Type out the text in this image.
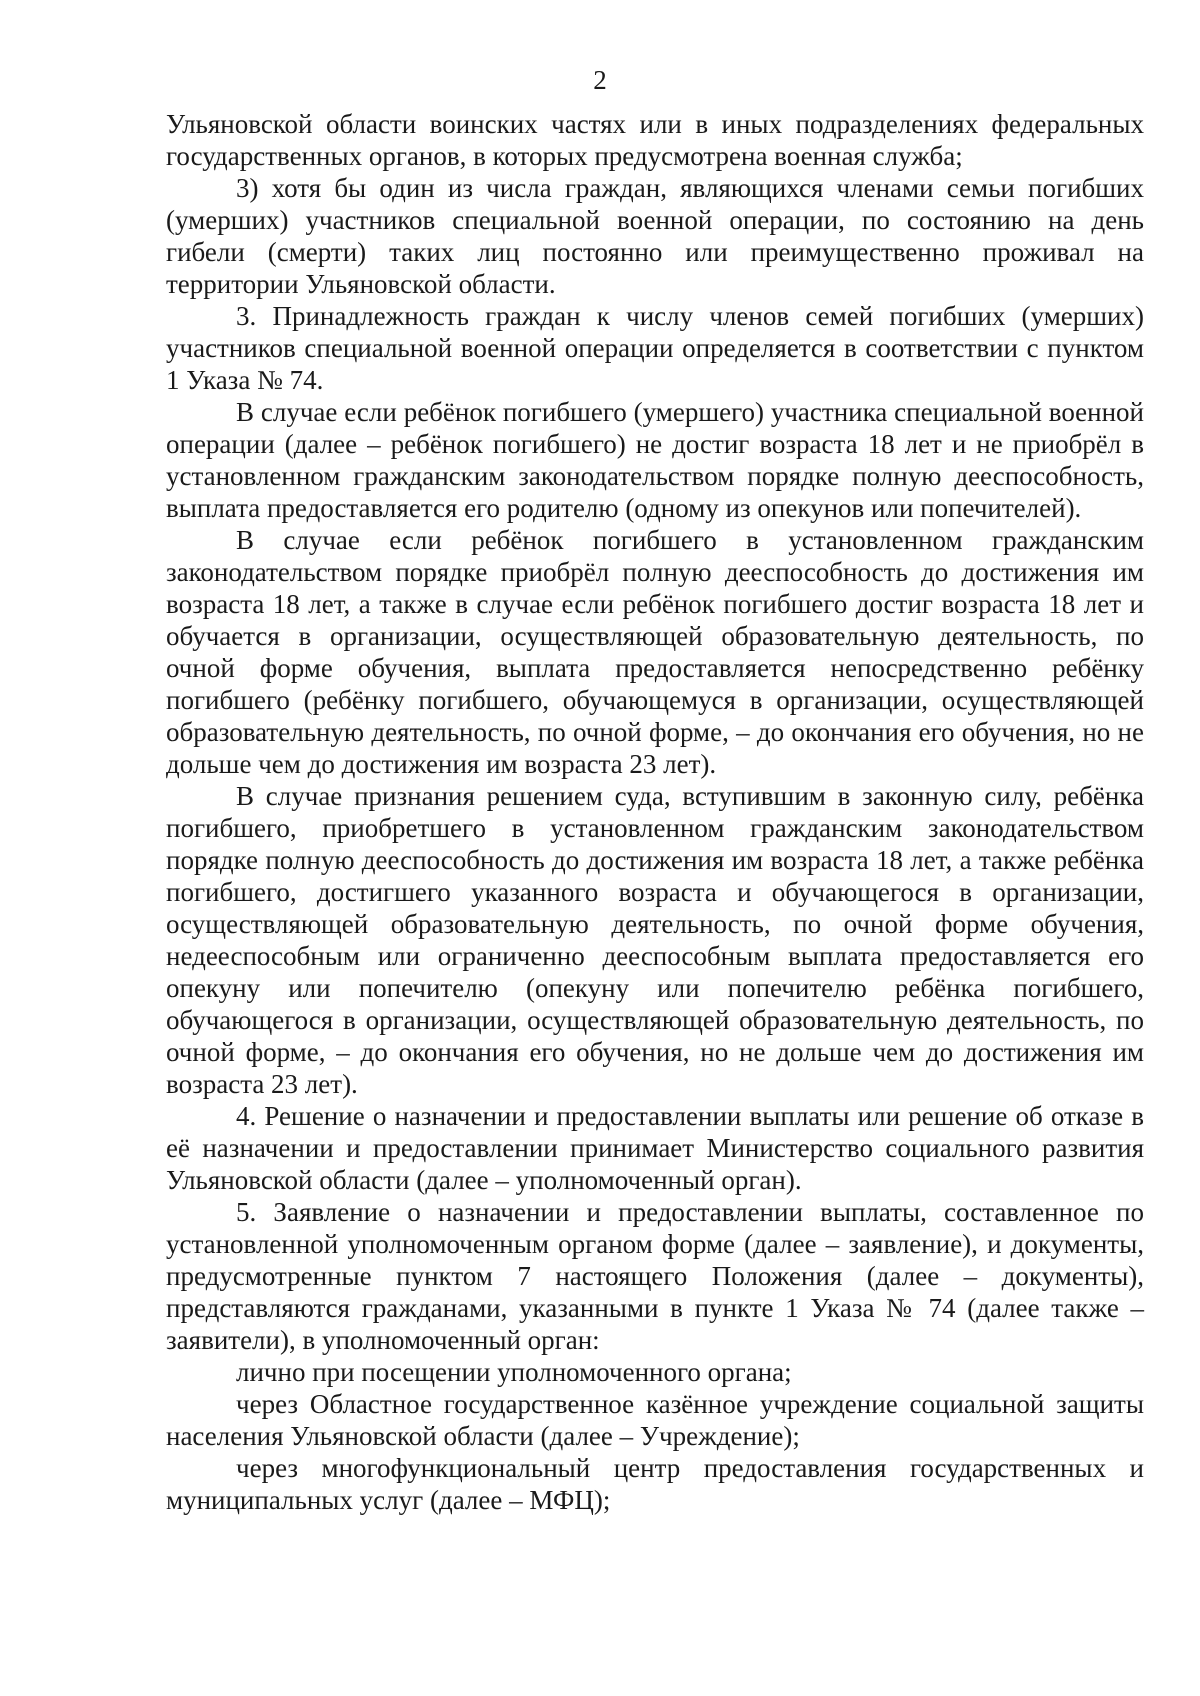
2

Ульяновской области воинских частях или в иных подразделениях федеральных государственных органов, в которых предусмотрена военная служба;

3) хотя бы один из числа граждан, являющихся членами семьи погибших (умерших) участников специальной военной операции, по состоянию на день гибели (смерти) таких лиц постоянно или преимущественно проживал на территории Ульяновской области.

3. Принадлежность граждан к числу членов семей погибших (умерших) участников специальной военной операции определяется в соответствии с пунктом 1 Указа № 74.

В случае если ребёнок погибшего (умершего) участника специальной военной операции (далее – ребёнок погибшего) не достиг возраста 18 лет и не приобрёл в установленном гражданским законодательством порядке полную дееспособность, выплата предоставляется его родителю (одному из опекунов или попечителей).

В случае если ребёнок погибшего в установленном гражданским законодательством порядке приобрёл полную дееспособность до достижения им возраста 18 лет, а также в случае если ребёнок погибшего достиг возраста 18 лет и обучается в организации, осуществляющей образовательную деятельность, по очной форме обучения, выплата предоставляется непосредственно ребёнку погибшего (ребёнку погибшего, обучающемуся в организации, осуществляющей образовательную деятельность, по очной форме, – до окончания его обучения, но не дольше чем до достижения им возраста 23 лет).

В случае признания решением суда, вступившим в законную силу, ребёнка погибшего, приобретшего в установленном гражданским законодательством порядке полную дееспособность до достижения им возраста 18 лет, а также ребёнка погибшего, достигшего указанного возраста и обучающегося в организации, осуществляющей образовательную деятельность, по очной форме обучения, недееспособным или ограниченно дееспособным выплата предоставляется его опекуну или попечителю (опекуну или попечителю ребёнка погибшего, обучающегося в организации, осуществляющей образовательную деятельность, по очной форме, – до окончания его обучения, но не дольше чем до достижения им возраста 23 лет).

4. Решение о назначении и предоставлении выплаты или решение об отказе в её назначении и предоставлении принимает Министерство социального развития Ульяновской области (далее – уполномоченный орган).

5. Заявление о назначении и предоставлении выплаты, составленное по установленной уполномоченным органом форме (далее – заявление), и документы, предусмотренные пунктом 7 настоящего Положения (далее – документы), представляются гражданами, указанными в пункте 1 Указа № 74 (далее также – заявители), в уполномоченный орган:

лично при посещении уполномоченного органа;

через Областное государственное казённое учреждение социальной защиты населения Ульяновской области (далее – Учреждение);

через многофункциональный центр предоставления государственных и муниципальных услуг (далее – МФЦ);
